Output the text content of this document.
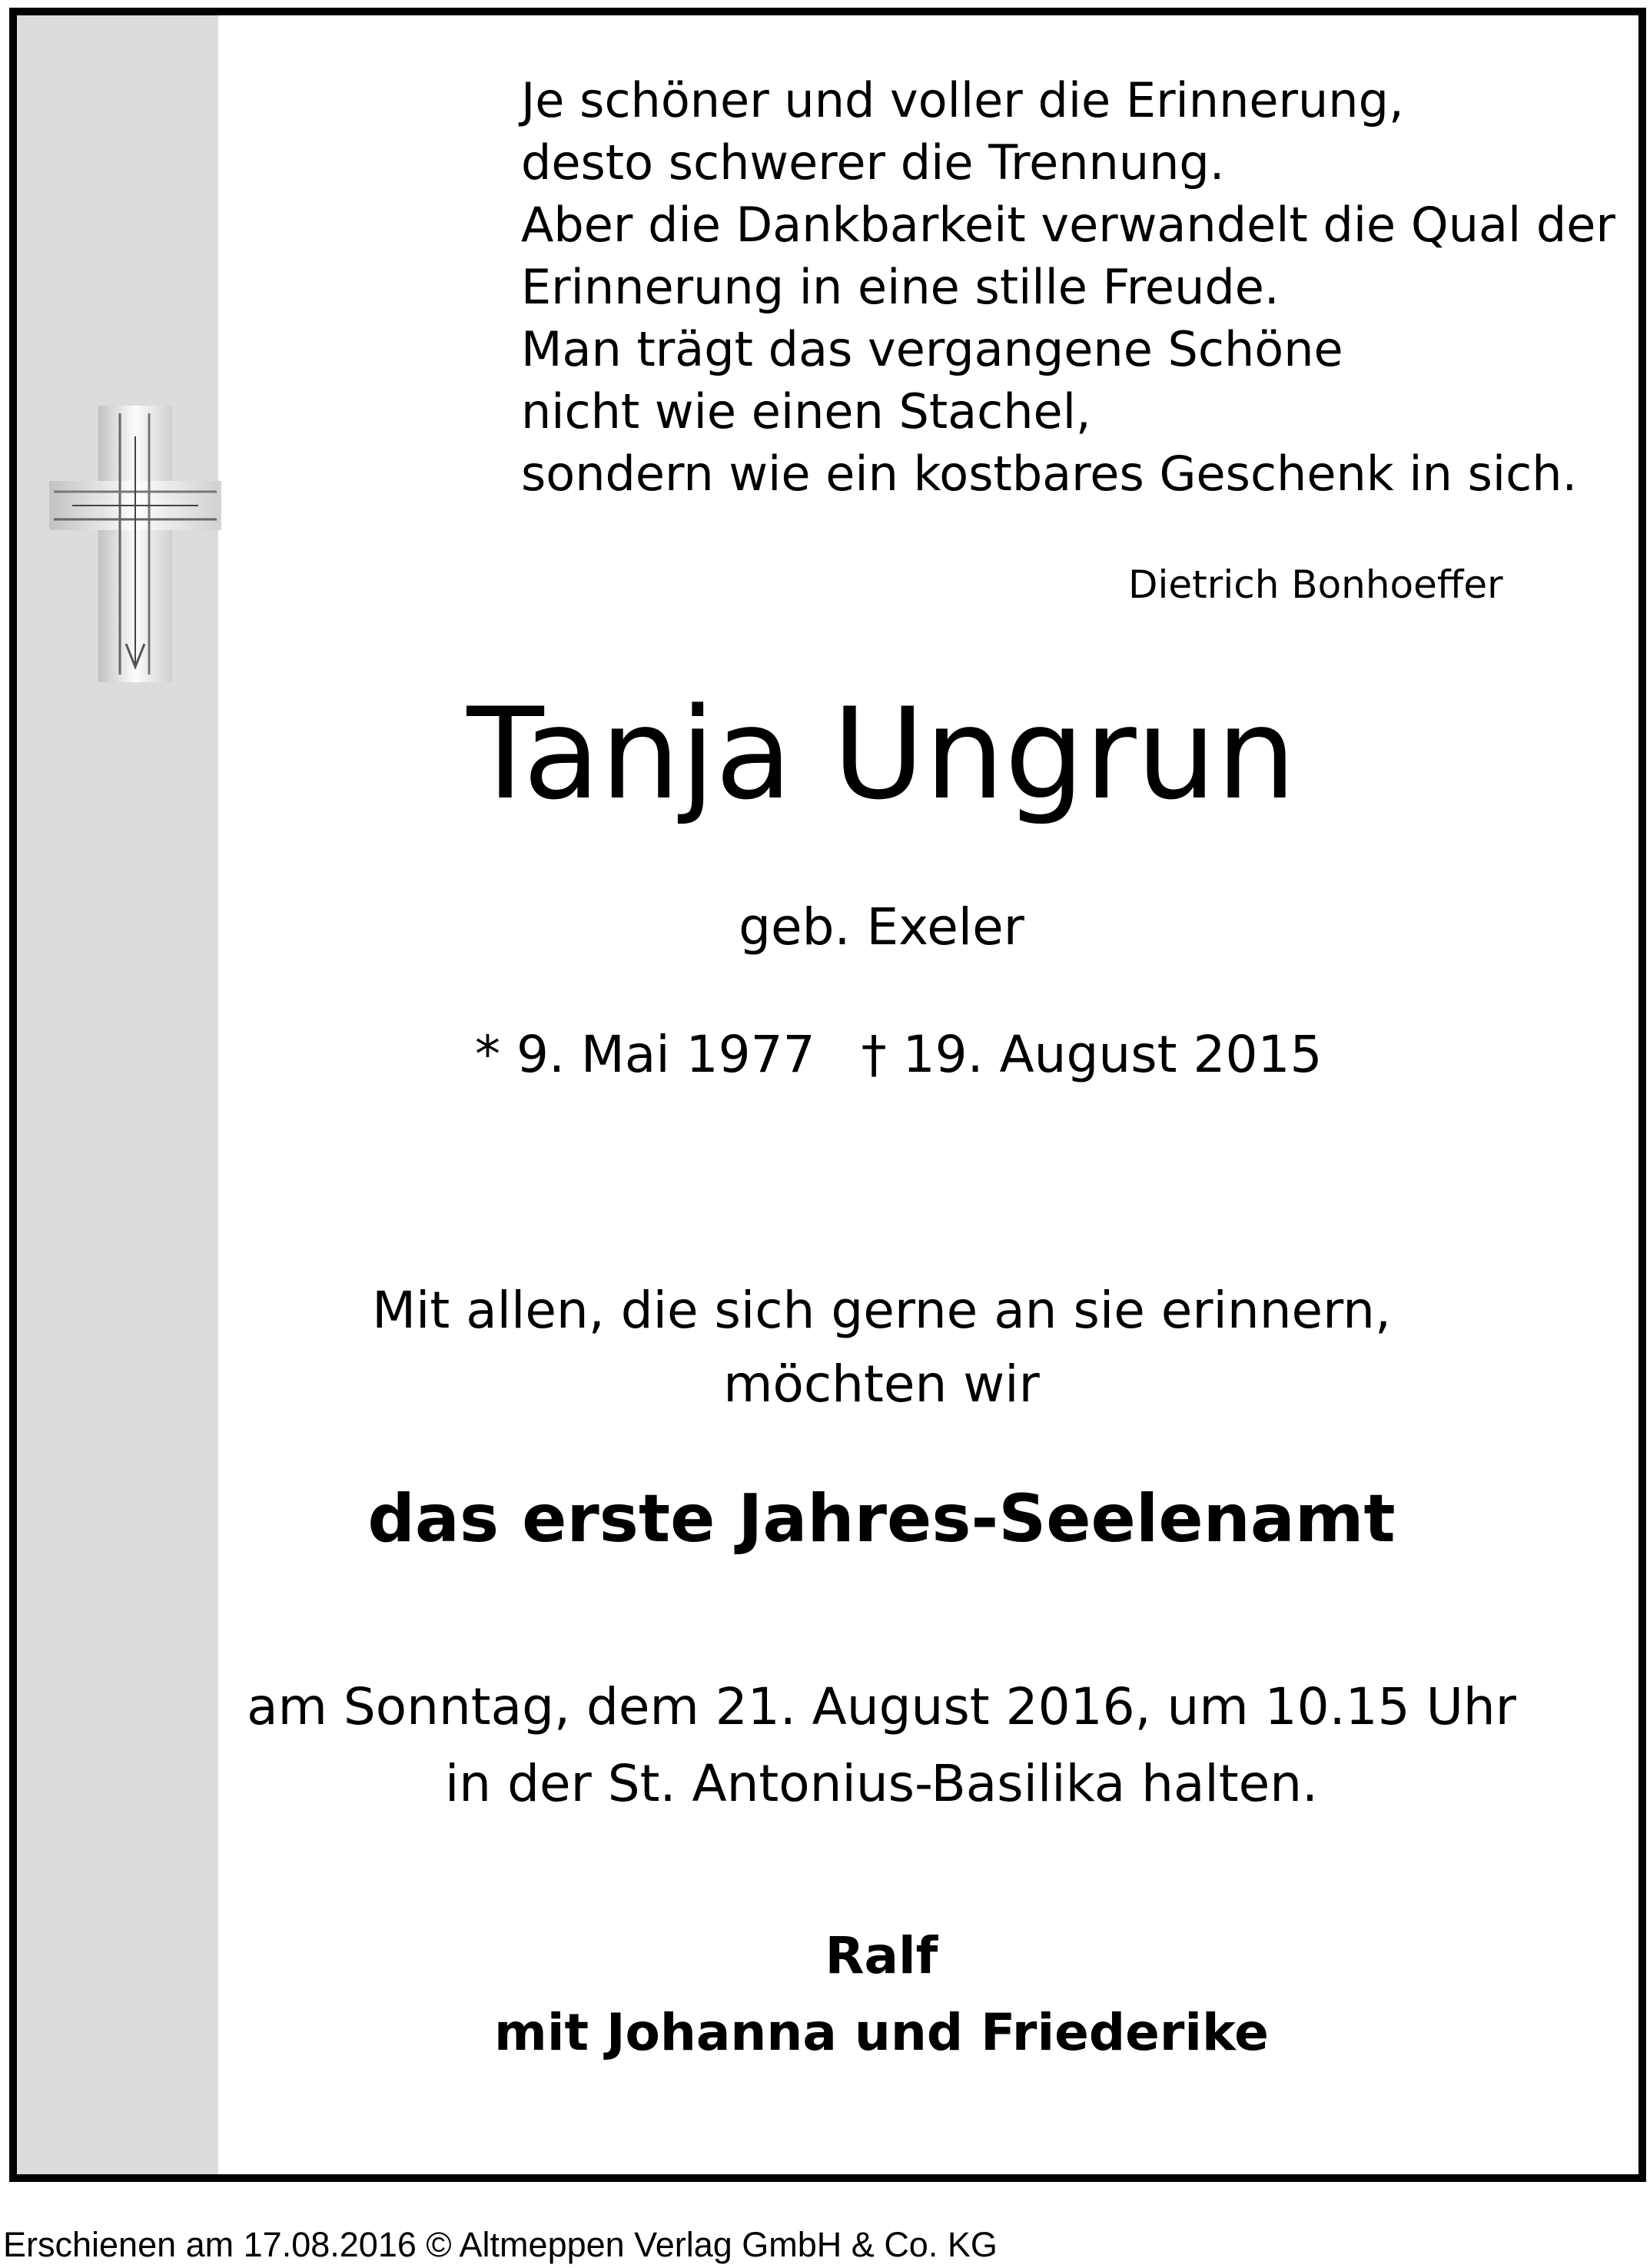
Je schöner und voller die Erinnerung,
desto schwerer die Trennung.
Aber die Dankbarkeit verwandelt die Qual der
Erinnerung in eine stille Freude.
Man trägt das vergangene Schöne
nicht wie einen Stachel,
sondern wie ein kostbares Geschenk in sich.
Dietrich Bonhoeffer
Tanja Ungrun
geb. Exeler
* 9. Mai 1977 † 19. August 2015
Mit allen, die sich gerne an sie erinnern,
möchten wir
das erste Jahres-Seelenamt
am Sonntag, dem 21. August 2016, um 10.15 Uhr
in der St. Antonius-Basilika halten.
Ralf
mit Johanna und Friederike
Erschienen am 17.08.2016 © Altmeppen Verlag GmbH & Co. KG
